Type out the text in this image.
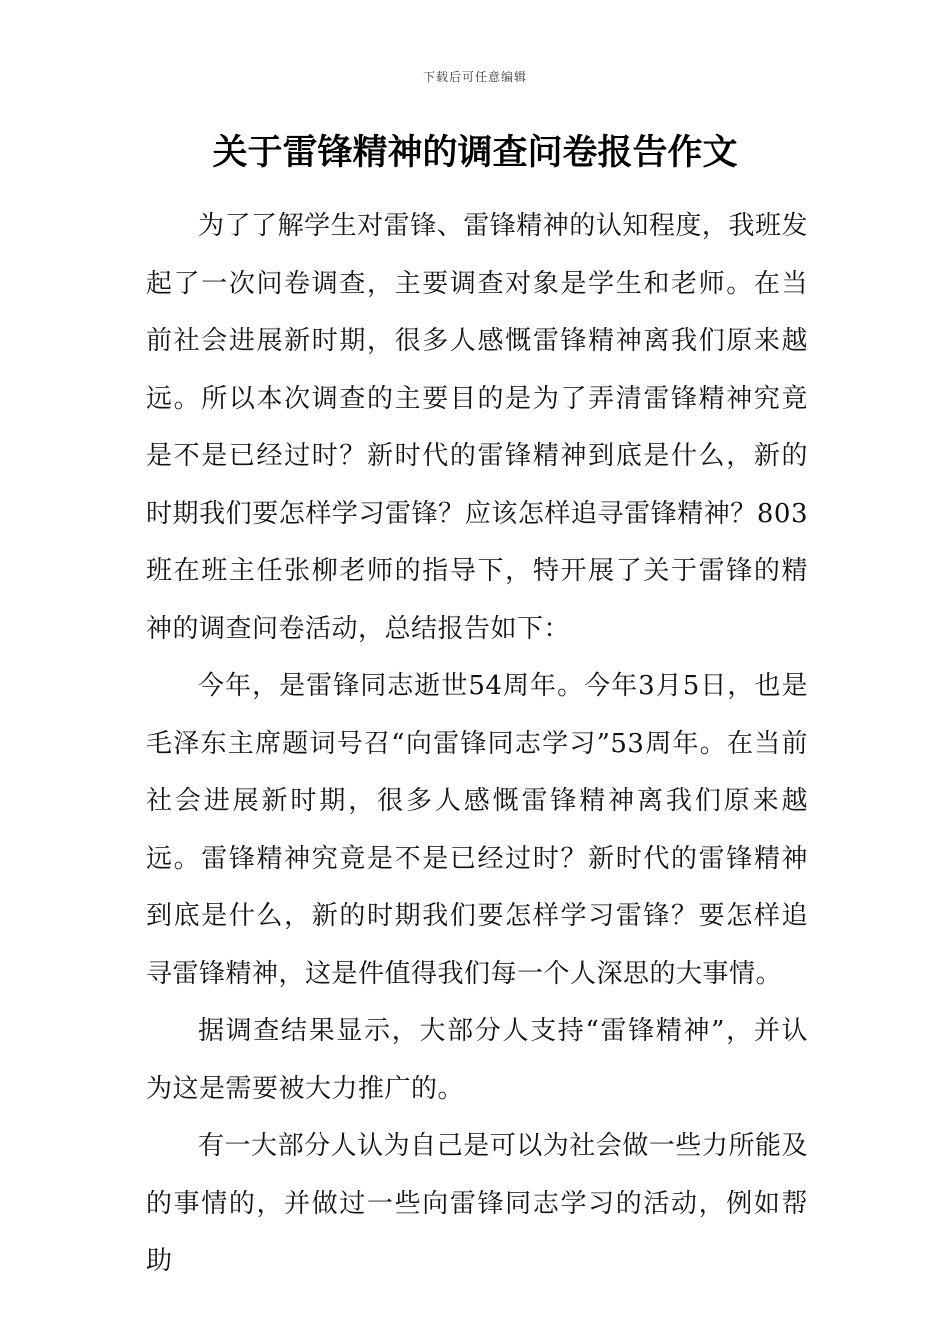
下载后可任意编辑
关于雷锋精神的调查问卷报告作文

为了了解学生对雷锋、雷锋精神的认知程度，我班发起了一次问卷调查，主要调查对象是学生和老师。在当前社会进展新时期，很多人感慨雷锋精神离我们原来越远。所以本次调查的主要目的是为了弄清雷锋精神究竟是不是已经过时？新时代的雷锋精神到底是什么，新的时期我们要怎样学习雷锋？应该怎样追寻雷锋精神？803班在班主任张柳老师的指导下，特开展了关于雷锋的精神的调查问卷活动，总结报告如下：

今年，是雷锋同志逝世54周年。今年3月5日，也是毛泽东主席题词号召“向雷锋同志学习”53周年。在当前社会进展新时期，很多人感慨雷锋精神离我们原来越远。雷锋精神究竟是不是已经过时？新时代的雷锋精神到底是什么，新的时期我们要怎样学习雷锋？要怎样追寻雷锋精神，这是件值得我们每一个人深思的大事情。

据调查结果显示，大部分人支持“雷锋精神”，并认为这是需要被大力推广的。

有一大部分人认为自己是可以为社会做一些力所能及的事情的，并做过一些向雷锋同志学习的活动，例如帮助
